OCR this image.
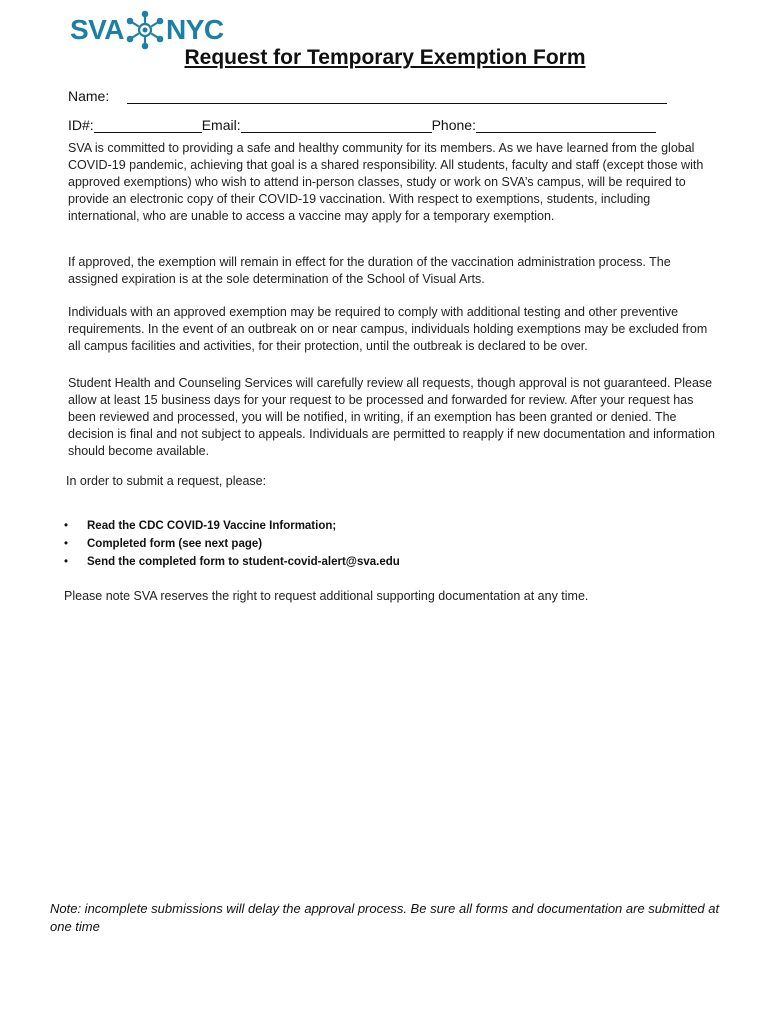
SVA NYC
Request for Temporary Exemption Form
Name:
ID#:	Email:	Phone:

SVA is committed to providing a safe and healthy community for its members. As we have learned from the global COVID-19 pandemic, achieving that goal is a shared responsibility. All students, faculty and staff (except those with approved exemptions) who wish to attend in-person classes, study or work on SVA’s campus, will be required to provide an electronic copy of their COVID-19 vaccination. With respect to exemptions, students, including international, who are unable to access a vaccine may apply for a temporary exemption.

If approved, the exemption will remain in effect for the duration of the vaccination administration process. The assigned expiration is at the sole determination of the School of Visual Arts.

Individuals with an approved exemption may be required to comply with additional testing and other preventive requirements. In the event of an outbreak on or near campus, individuals holding exemptions may be excluded from all campus facilities and activities, for their protection, until the outbreak is declared to be over.

Student Health and Counseling Services will carefully review all requests, though approval is not guaranteed. Please allow at least 15 business days for your request to be processed and forwarded for review. After your request has been reviewed and processed, you will be notified, in writing, if an exemption has been granted or denied. The decision is final and not subject to appeals. Individuals are permitted to reapply if new documentation and information should become available.

In order to submit a request, please:

•	Read the CDC COVID-19 Vaccine Information;
•	Completed form (see next page)
•	Send the completed form to student-covid-alert@sva.edu

Please note SVA reserves the right to request additional supporting documentation at any time.

Note: incomplete submissions will delay the approval process. Be sure all forms and documentation are submitted at one time
